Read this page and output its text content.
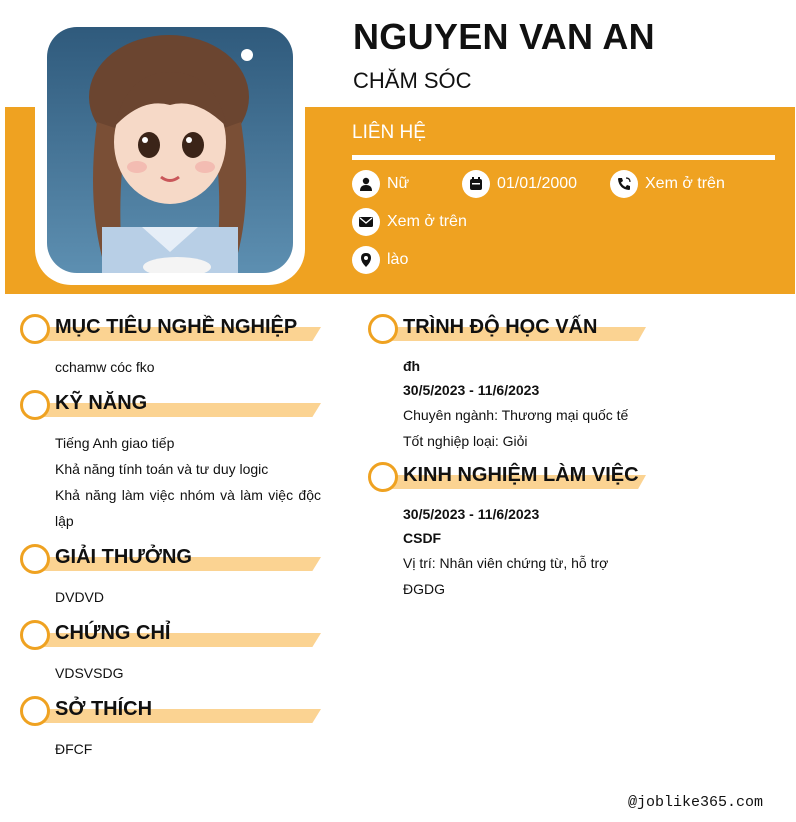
NGUYEN VAN AN
CHĂM SÓC
LIÊN HỆ
Nữ	01/01/2000	Xem ở trên
Xem ở trên
lào
MỤC TIÊU NGHỀ NGHIỆP

cchamw cóc fko

KỸ NĂNG

Tiếng Anh giao tiếp

Khả năng tính toán và tư duy logic

Khả năng làm việc nhóm và làm việc độc lập

GIẢI THƯỞNG

DVDVD

CHỨNG CHỈ

VDSVSDG

SỞ THÍCH

ĐFCF

TRÌNH ĐỘ HỌC VẤN

đh

30/5/2023 - 11/6/2023

Chuyên ngành: Thương mại quốc tế

Tốt nghiệp loại: Giỏi

KINH NGHIỆM LÀM VIỆC

30/5/2023 - 11/6/2023

CSDF

Vị trí: Nhân viên chứng từ, hỗ trợ

ĐGDG

@joblike365.com
